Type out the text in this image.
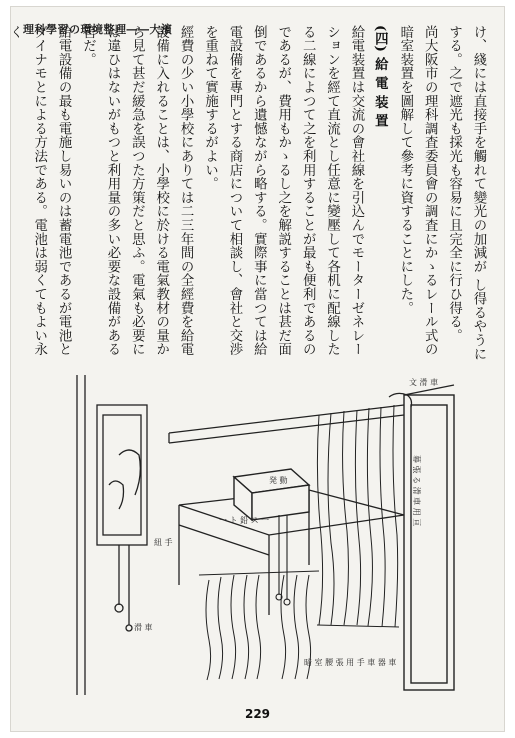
理科學習の環境整理――大濱	け、綫には直接手を觸れて變光の加減が し得るやうにする。之で遮光も採光も容易に且完全に行ひ得る。

尚大阪市の理科調査委員會の調査にかゝるレール式の暗室装置を圖解して參考に資することにした。

(四) 給 電 装 置

給電装置は交流の會社線を引込んでモーターゼネレーションを經て直流とし任意に變壓して各机に配線したる二線によつて之を利用することが最も便利であるのであるが、費用もかゝるし之を解説することは甚だ面倒であるから遺憾ながら略する。實際事に當つては給電設備を專門とする商店について相談し、會社と交渉を重ねて實施するがよい。

經費の少い小學校にありては二三年間の全經費を給電設備に入れることは、小學校に於ける電氣教材の量から見て甚だ緩急を誤つた方策だと思ふ。電氣も必要には違ひはないがもつと利用量の多い必要な設備がある筈だ。

給電設備の最も電施し易いのは蓄電池であるが電池とダイナモとによる方法である。電池は弱くてもよい永く

発 動
文 滑 車
幕 張 る 滑 車 用 亘
一 ト 鉛 ス 一
紐 手
滑 車
暗 室 腰 張 用 手 車 器 車
229
